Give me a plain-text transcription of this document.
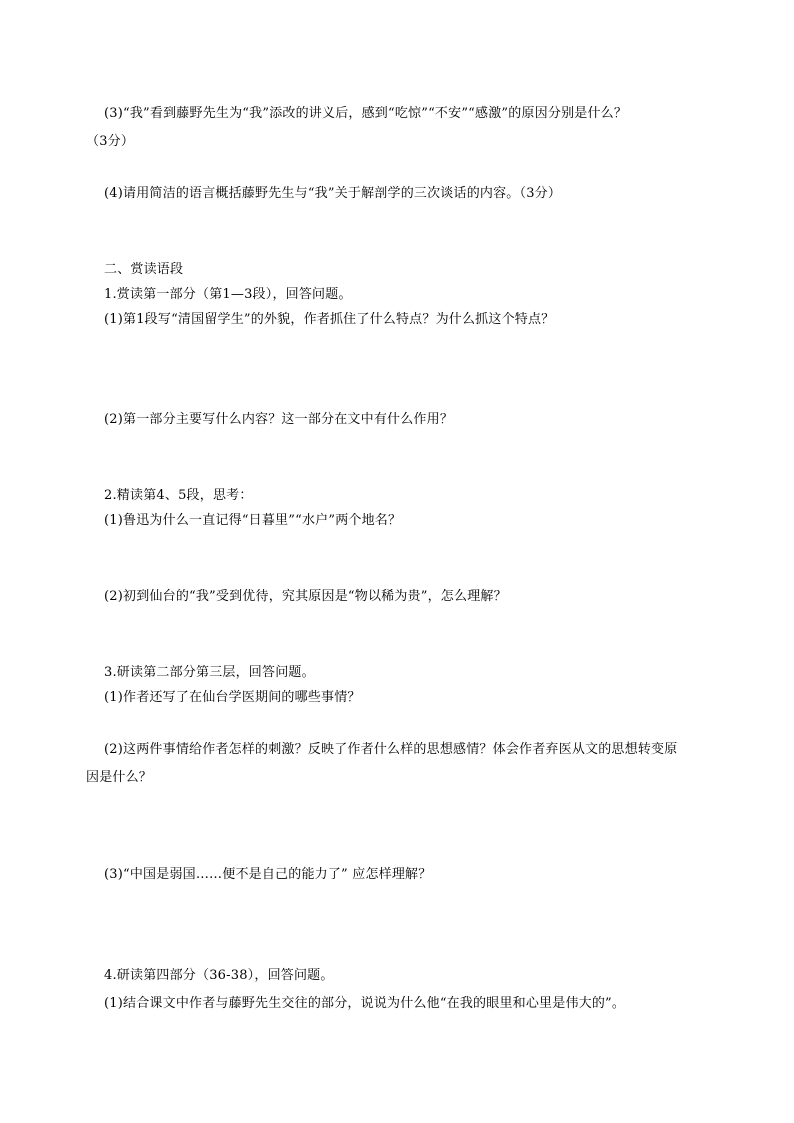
(3)“我”看到藤野先生为“我”添改的讲义后，感到“吃惊”“不安”“感激”的原因分别是什么？
（3分）
(4)请用简洁的语言概括藤野先生与“我”关于解剖学的三次谈话的内容。（3分）
二、赏读语段
1.赏读第一部分（第1—3段），回答问题。
(1)第1段写“清国留学生”的外貌，作者抓住了什么特点？为什么抓这个特点？
(2)第一部分主要写什么内容？这一部分在文中有什么作用？
2.精读第4、5段，思考：
(1)鲁迅为什么一直记得“日暮里”“水户”两个地名？
(2)初到仙台的“我”受到优待，究其原因是“物以稀为贵”，怎么理解？
3.研读第二部分第三层，回答问题。
(1)作者还写了在仙台学医期间的哪些事情？
(2)这两件事情给作者怎样的刺激？反映了作者什么样的思想感情？体会作者弃医从文的思想转变原
因是什么？
(3)“中国是弱国……便不是自己的能力了” 应怎样理解？
4.研读第四部分（36-38），回答问题。
(1)结合课文中作者与藤野先生交往的部分，说说为什么他“在我的眼里和心里是伟大的”。
